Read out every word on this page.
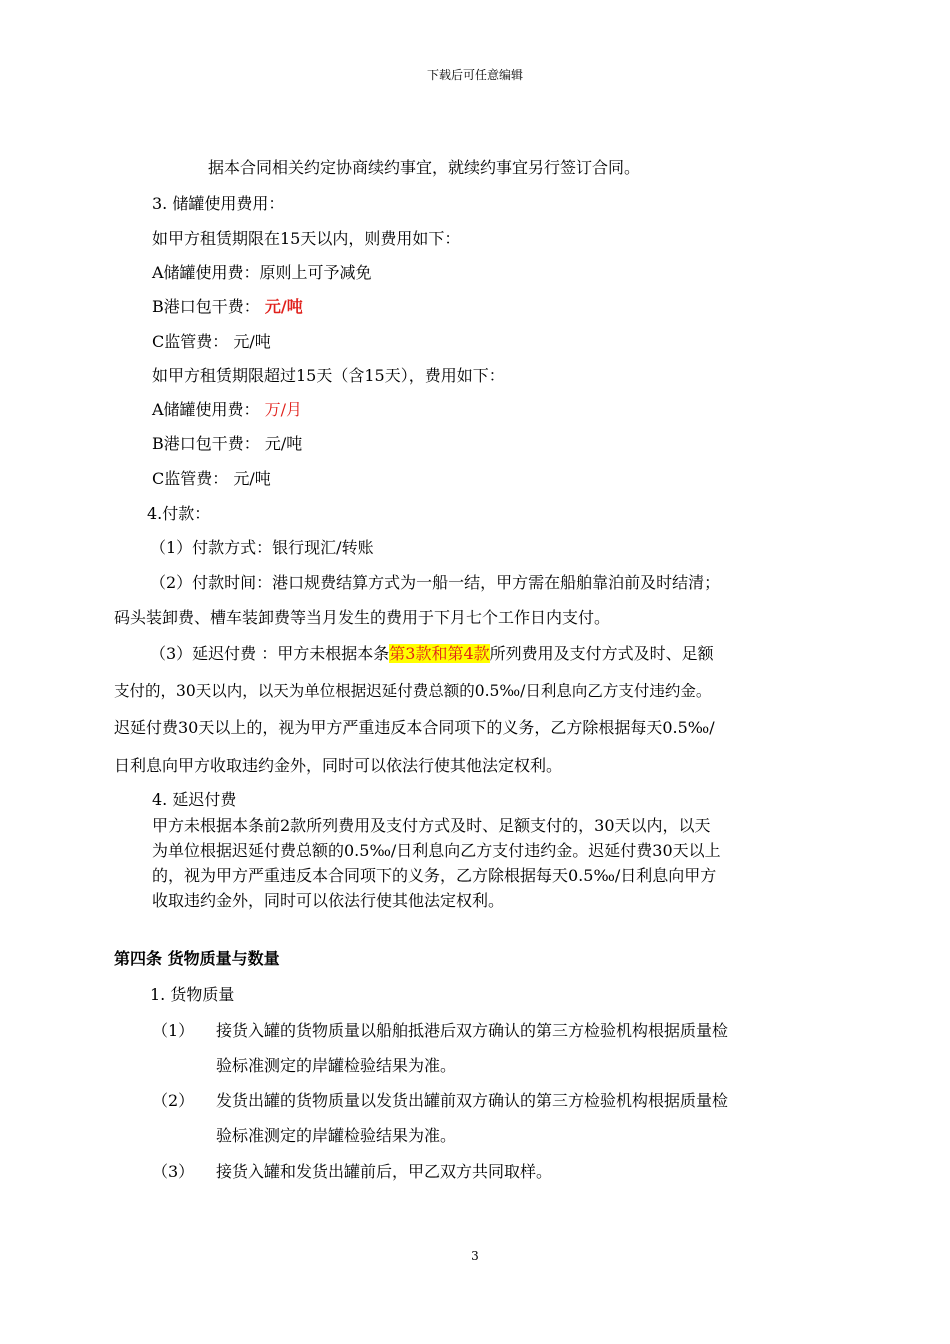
下载后可任意编辑
据本合同相关约定协商续约事宜，就续约事宜另行签订合同。
3. 储罐使用费用：
如甲方租赁期限在15天以内，则费用如下：
A储罐使用费：原则上可予减免
B港口包干费： 元/吨
C监管费： 元/吨
如甲方租赁期限超过15天（含15天），费用如下：
A储罐使用费： 万/月
B港口包干费： 元/吨
C监管费： 元/吨
4.付款：
（1）付款方式：银行现汇/转账
（2）付款时间：港口规费结算方式为一船一结，甲方需在船舶靠泊前及时结清；
码头装卸费、槽车装卸费等当月发生的费用于下月七个工作日内支付。
（3）延迟付费 ：甲方未根据本条第3款和第4款所列费用及支付方式及时、足额
支付的，30天以内，以天为单位根据迟延付费总额的0.5‰/日利息向乙方支付违约金。
迟延付费30天以上的，视为甲方严重违反本合同项下的义务，乙方除根据每天0.5‰/
日利息向甲方收取违约金外，同时可以依法行使其他法定权利。
4. 延迟付费
甲方未根据本条前2款所列费用及支付方式及时、足额支付的，30天以内，以天
为单位根据迟延付费总额的0.5‰/日利息向乙方支付违约金。迟延付费30天以上
的，视为甲方严重违反本合同项下的义务，乙方除根据每天0.5‰/日利息向甲方
收取违约金外，同时可以依法行使其他法定权利。
第四条 货物质量与数量
1. 货物质量
（1） 接货入罐的货物质量以船舶抵港后双方确认的第三方检验机构根据质量检
验标准测定的岸罐检验结果为准。
（2） 发货出罐的货物质量以发货出罐前双方确认的第三方检验机构根据质量检
验标准测定的岸罐检验结果为准。
（3） 接货入罐和发货出罐前后，甲乙双方共同取样。
3
